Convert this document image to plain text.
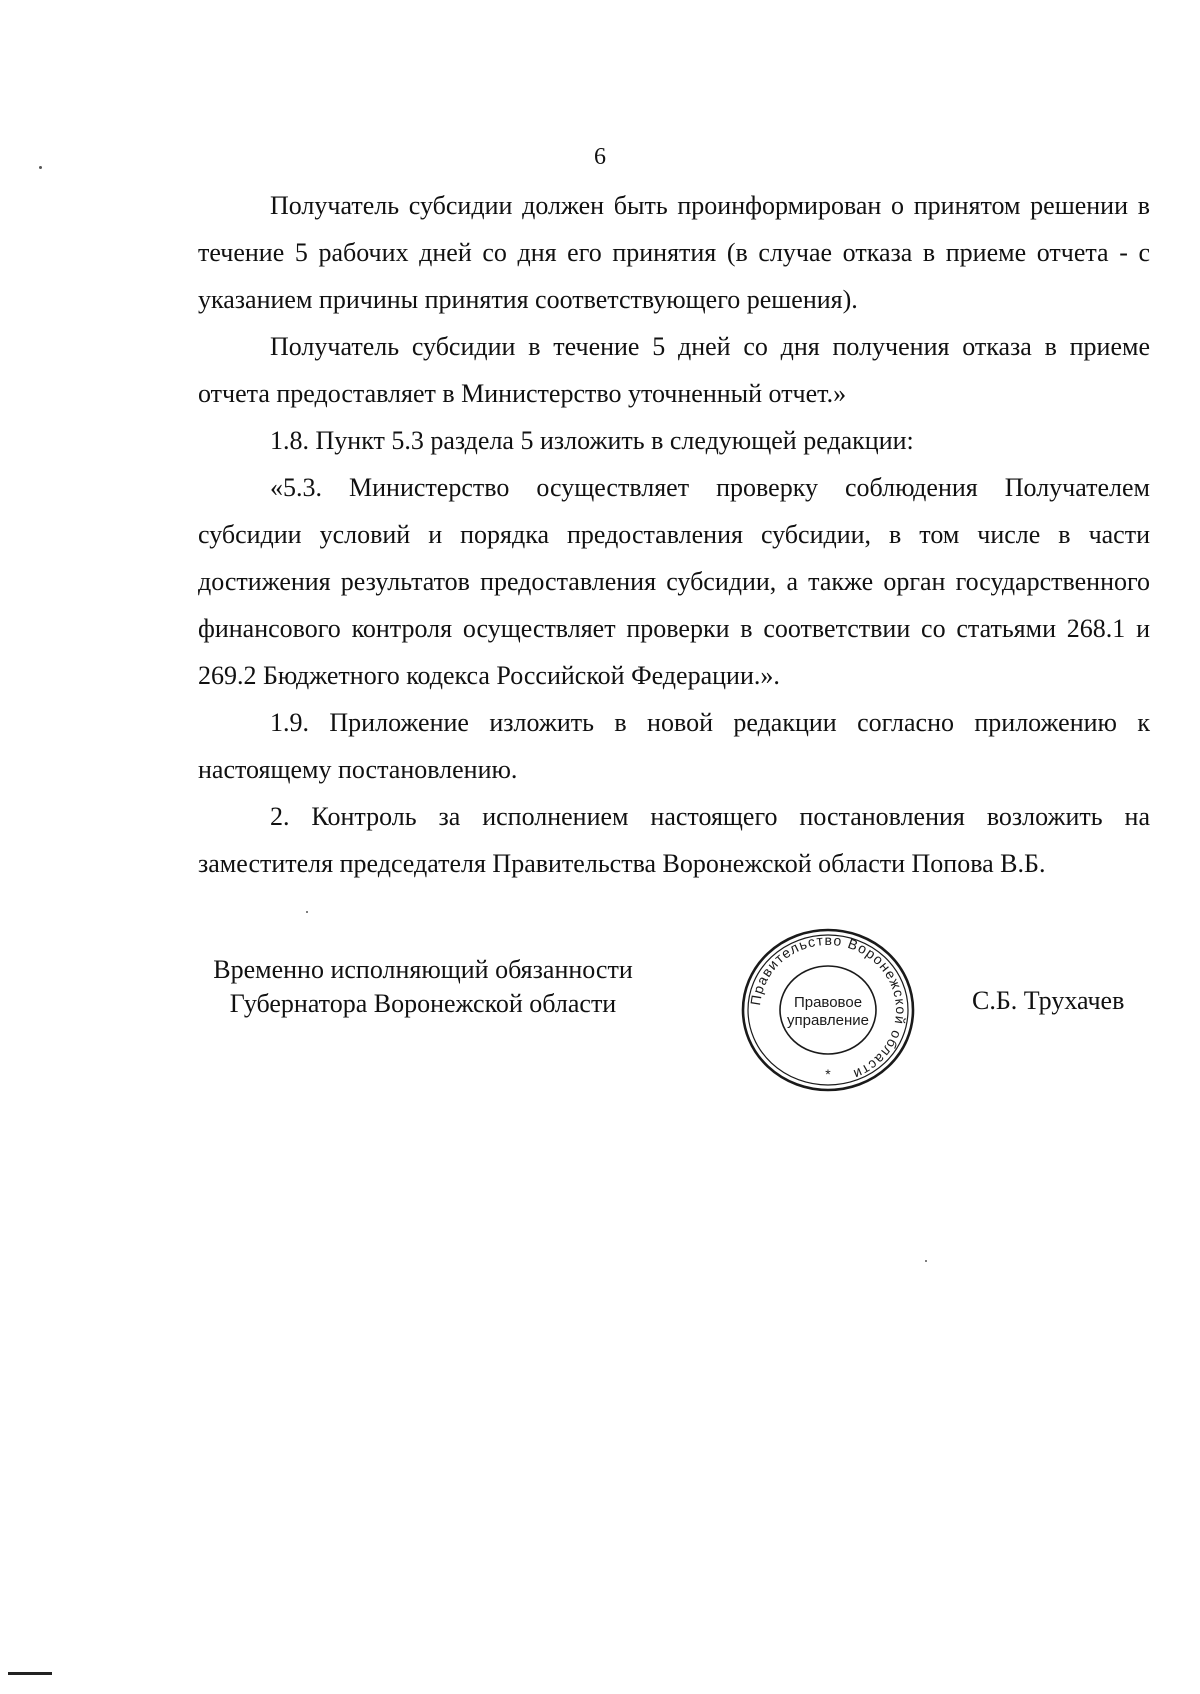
6

Получатель субсидии должен быть проинформирован о принятом решении в течение 5 рабочих дней со дня его принятия (в случае отказа в приеме отчета - с указанием причины принятия соответствующего решения).

Получатель субсидии в течение 5 дней со дня получения отказа в приеме отчета предоставляет в Министерство уточненный отчет.»

1.8. Пункт 5.3 раздела 5 изложить в следующей редакции:

«5.3. Министерство осуществляет проверку соблюдения Получателем субсидии условий и порядка предоставления субсидии, в том числе в части достижения результатов предоставления субсидии, а также орган государственного финансового контроля осуществляет проверки в соответствии со статьями 268.1 и 269.2 Бюджетного кодекса Российской Федерации.».

1.9. Приложение изложить в новой редакции согласно приложению к настоящему постановлению.

2. Контроль за исполнением настоящего постановления возложить на заместителя председателя Правительства Воронежской области Попова В.Б.

Временно исполняющий обязанности
Губернатора Воронежской области	Правительство Воронежской области
Правовое
управление
*
С.Б. Трухачев
